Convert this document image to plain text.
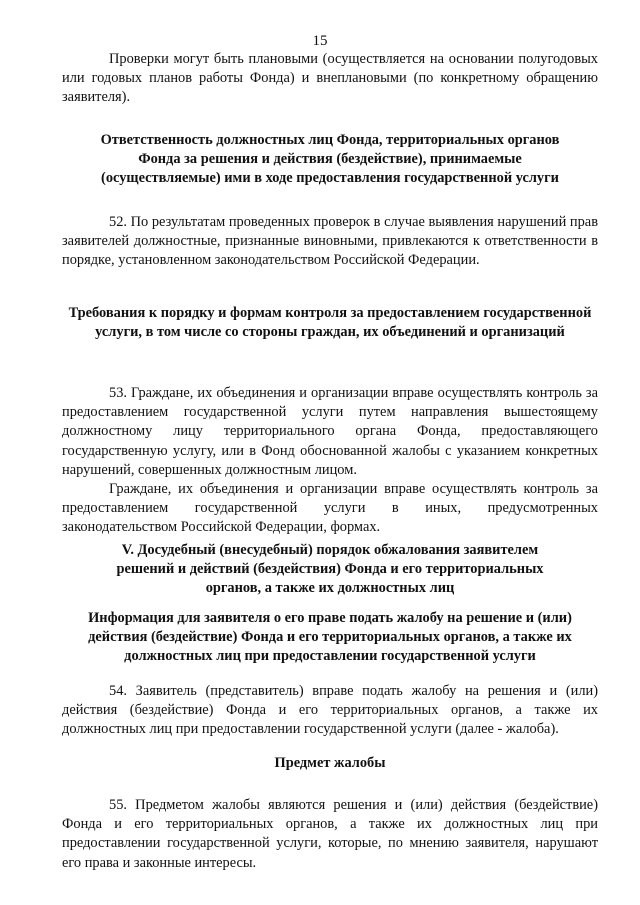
15

Проверки могут быть плановыми (осуществляется на основании полугодовых или годовых планов работы Фонда) и внеплановыми (по конкретному обращению заявителя).

Ответственность должностных лиц Фонда, территориальных органов Фонда за решения и действия (бездействие), принимаемые (осуществляемые) ими в ходе предоставления государственной услуги

52. По результатам проведенных проверок в случае выявления нарушений прав заявителей должностные, признанные виновными, привлекаются к ответственности в порядке, установленном законодательством Российской Федерации.

Требования к порядку и формам контроля за предоставлением государственной услуги, в том числе со стороны граждан, их объединений и организаций

53. Граждане, их объединения и организации вправе осуществлять контроль за предоставлением государственной услуги путем направления вышестоящему должностному лицу территориального органа Фонда, предоставляющего государственную услугу, или в Фонд обоснованной жалобы с указанием конкретных нарушений, совершенных должностным лицом.

Граждане, их объединения и организации вправе осуществлять контроль за предоставлением государственной услуги в иных, предусмотренных законодательством Российской Федерации, формах.

V. Досудебный (внесудебный) порядок обжалования заявителем решений и действий (бездействия) Фонда и его территориальных органов, а также их должностных лиц
Информация для заявителя о его праве подать жалобу на решение и (или) действия (бездействие) Фонда и его территориальных органов, а также их должностных лиц при предоставлении государственной услуги

54. Заявитель (представитель) вправе подать жалобу на решения и (или) действия (бездействие) Фонда и его территориальных органов, а также их должностных лиц при предоставлении государственной услуги (далее - жалоба).

Предмет жалобы

55. Предметом жалобы являются решения и (или) действия (бездействие) Фонда и его территориальных органов, а также их должностных лиц при предоставлении государственной услуги, которые, по мнению заявителя, нарушают его права и законные интересы.
